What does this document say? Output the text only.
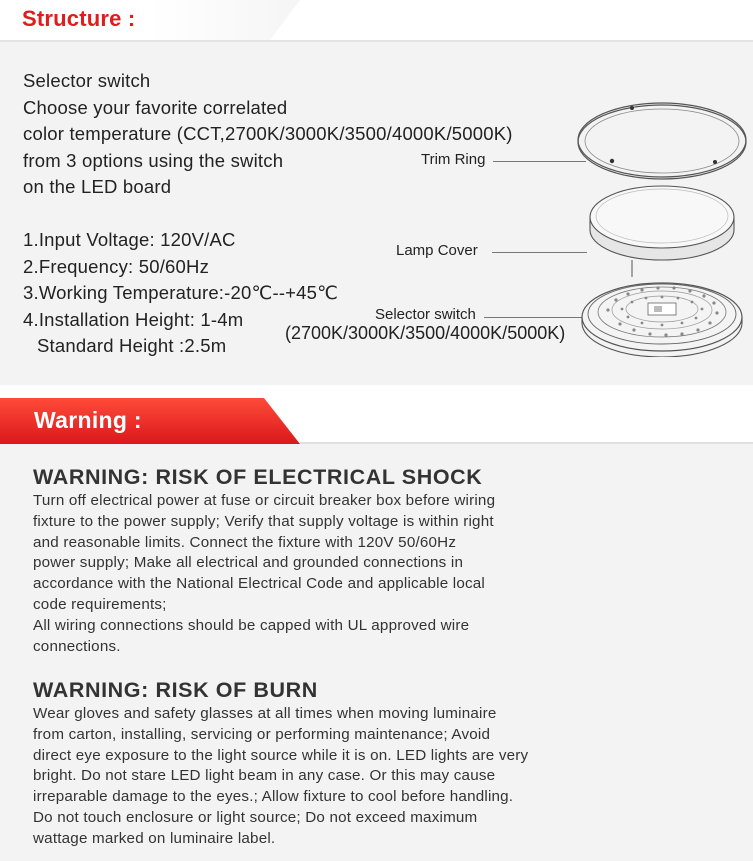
Structure :
Selector switch
Choose your favorite correlated
color temperature (CCT,2700K/3000K/3500/4000K/5000K)
from 3 options using the switch
on the LED board
1.Input Voltage: 120V/AC
2.Frequency: 50/60Hz
3.Working Temperature:-20℃--+45℃
4.Installation Height: 1-4m
Standard Height :2.5m
Trim Ring
Lamp Cover
Selector switch
(2700K/3000K/3500/4000K/5000K)
Warning :
WARNING: RISK OF ELECTRICAL SHOCK
Turn off electrical power at fuse or circuit breaker box before wiring
fixture to the power supply; Verify that supply voltage is within right
and reasonable limits. Connect the fixture with 120V 50/60Hz
power supply; Make all electrical and grounded connections in
accordance with the National Electrical Code and applicable local
code requirements;
All wiring connections should be capped with UL approved wire
connections.
WARNING: RISK OF BURN
Wear gloves and safety glasses at all times when moving luminaire
from carton, installing, servicing or performing maintenance; Avoid
direct eye exposure to the light source while it is on. LED lights are very
bright. Do not stare LED light beam in any case. Or this may cause
irreparable damage to the eyes.; Allow fixture to cool before handling.
Do not touch enclosure or light source; Do not exceed maximum
wattage marked on luminaire label.
